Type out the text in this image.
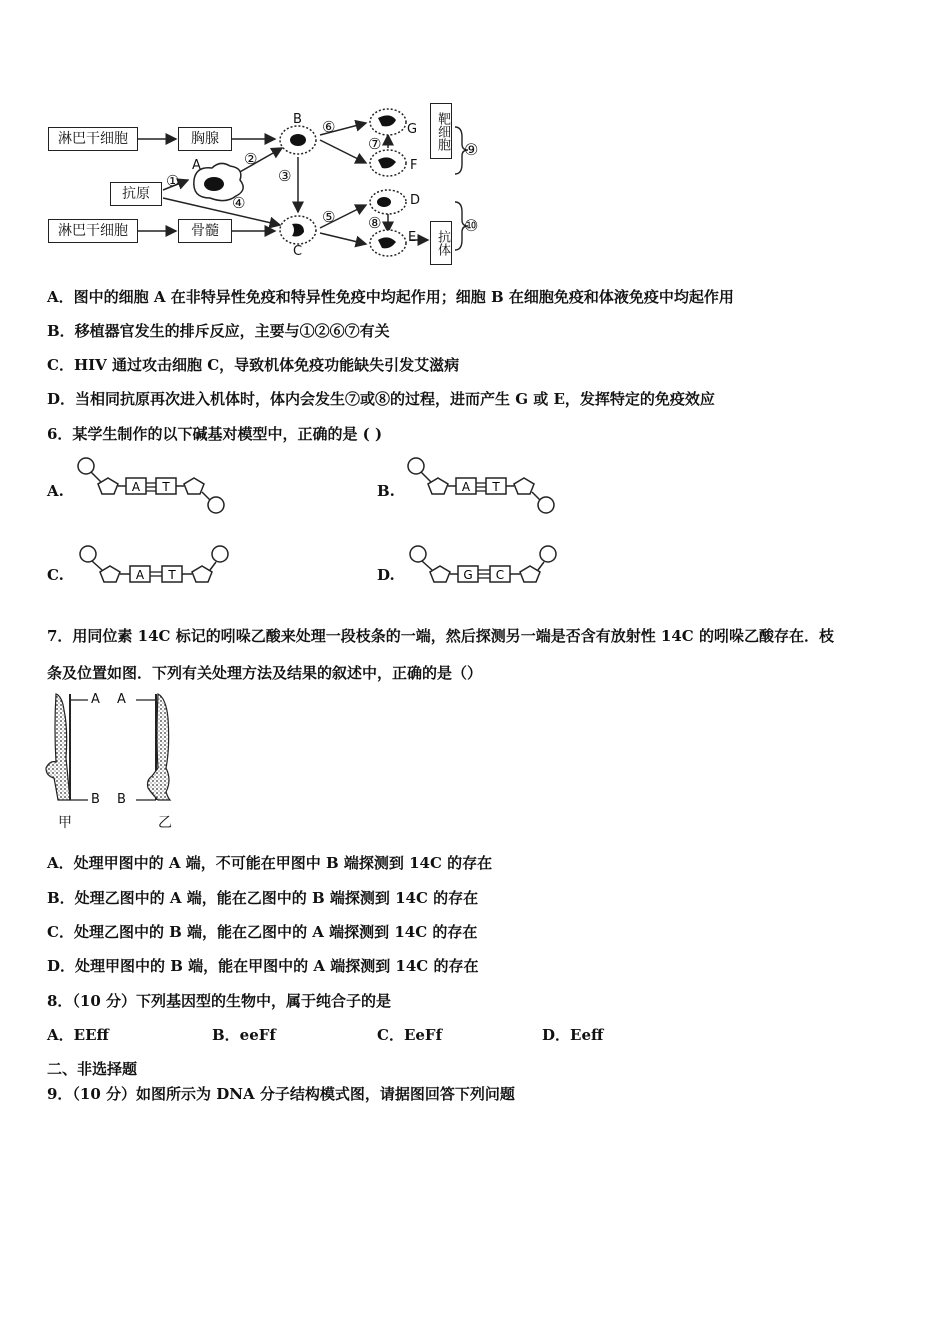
淋巴干细胞	胸腺
抗原
淋巴干细胞	骨髓
靶细胞
抗体
A
B
C
D
E
F
G
①
②
③
④
⑤
⑥
⑦
⑧
⑨
⑩
A．图中的细胞 A 在非特异性免疫和特异性免疫中均起作用；细胞 B 在细胞免疫和体液免疫中均起作用
B．移植器官发生的排斥反应，主要与①②⑥⑦有关
C．HIV 通过攻击细胞 C，导致机体免疫功能缺失引发艾滋病
D．当相同抗原再次进入机体时，体内会发生⑦或⑧的过程，进而产生 G 或 E，发挥特定的免疫效应
6．某学生制作的以下碱基对模型中，正确的是 ( )
A.	B.
C.	D.
A T	A T
A T	G C
7．用同位素 14C 标记的吲哚乙酸来处理一段枝条的一端，然后探测另一端是否含有放射性 14C 的吲哚乙酸存在．枝
条及位置如图．下列有关处理方法及结果的叙述中，正确的是（）
A
B
A
B
甲	乙
A．处理甲图中的 A 端，不可能在甲图中 B 端探测到 14C 的存在
B．处理乙图中的 A 端，能在乙图中的 B 端探测到 14C 的存在
C．处理乙图中的 B 端，能在乙图中的 A 端探测到 14C 的存在
D．处理甲图中的 B 端，能在甲图中的 A 端探测到 14C 的存在
8．（10 分）下列基因型的生物中，属于纯合子的是
A．EEff	B．eeFf	C．EeFf	D．Eeff
二、非选择题
9．（10 分）如图所示为 DNA 分子结构模式图，请据图回答下列问题
